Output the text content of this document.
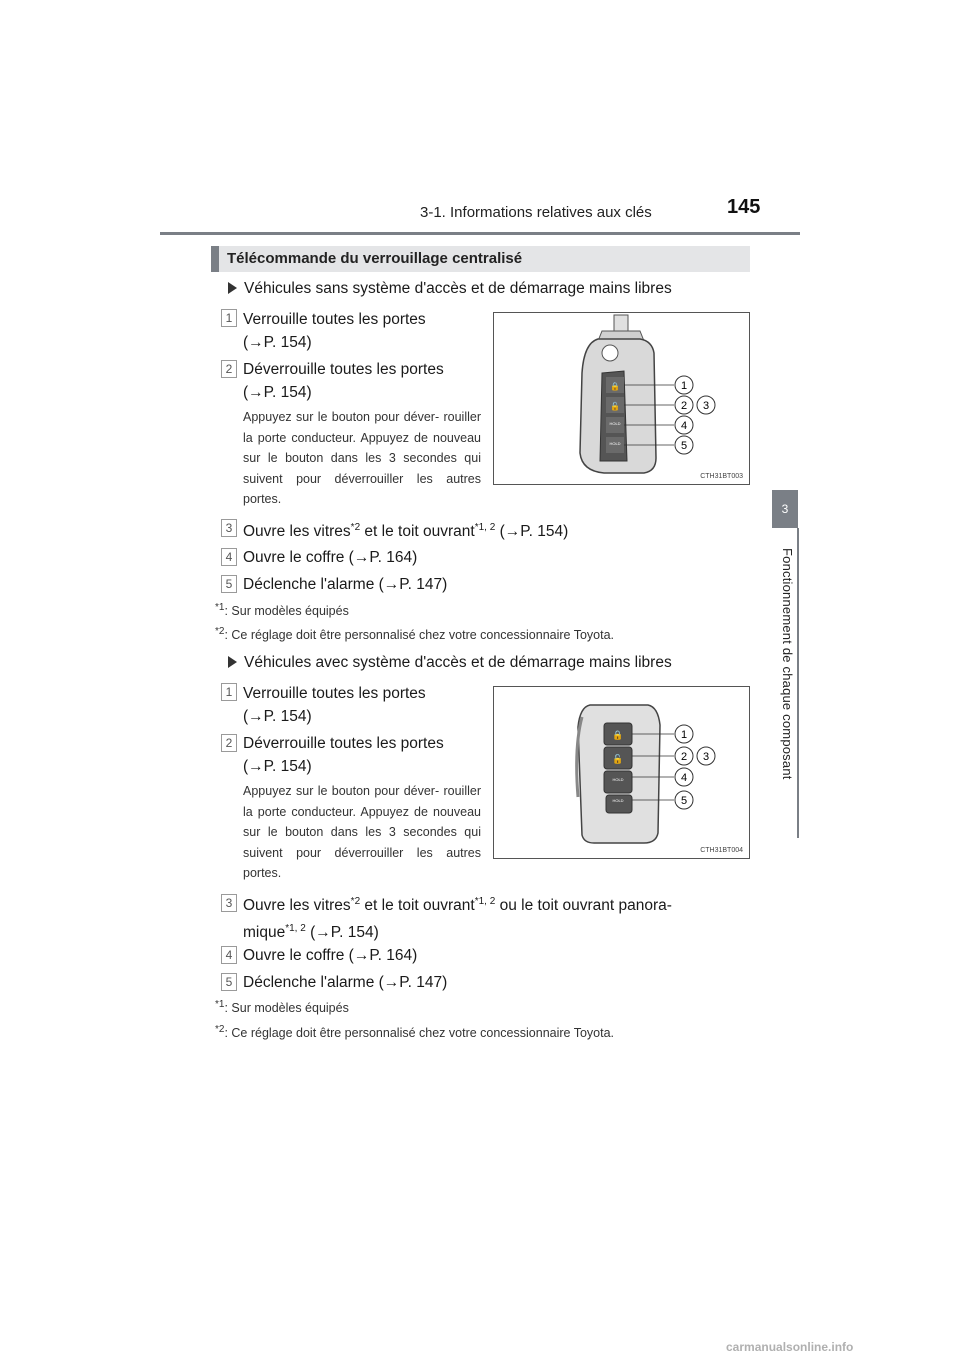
3-1. Informations relatives aux clés	145
3
Fonctionnement de chaque composant
Télécommande du verrouillage centralisé
Véhicules sans système d'accès et de démarrage mains libres
1 Verrouille toutes les portes
(→P. 154)
2 Déverrouille toutes les portes
(→P. 154)
Appuyez sur le bouton pour déver- rouiller la porte conducteur. Appuyez de nouveau sur le bouton dans les 3 secondes qui suivent pour déverrouiller les autres portes.
🔒
🔓
HOLD
HOLD
1
2 3
4
5
CTH31BT003
3 Ouvre les vitres$^{*2}$ et le toit ouvrant$^{*1, 2}$ (→P. 154)
4 Ouvre le coffre (→P. 164)
5 Déclenche l'alarme (→P. 147)
$^{*1}$: Sur modèles équipés
$^{*2}$: Ce réglage doit être personnalisé chez votre concessionnaire Toyota.
Véhicules avec système d'accès et de démarrage mains libres
1 Verrouille toutes les portes
(→P. 154)
2 Déverrouille toutes les portes
(→P. 154)
Appuyez sur le bouton pour déver- rouiller la porte conducteur. Appuyez de nouveau sur le bouton dans les 3 secondes qui suivent pour déverrouiller les autres portes.
🔒
🔓
HOLD
HOLD
1
2 3
4
5
CTH31BT004
3 Ouvre les vitres$^{*2}$ et le toit ouvrant$^{*1, 2}$ ou le toit ouvrant panora-
mique$^{*1, 2}$ (→P. 154)
4 Ouvre le coffre (→P. 164)
5 Déclenche l'alarme (→P. 147)
$^{*1}$: Sur modèles équipés
$^{*2}$: Ce réglage doit être personnalisé chez votre concessionnaire Toyota.
carmanualsonline.info
